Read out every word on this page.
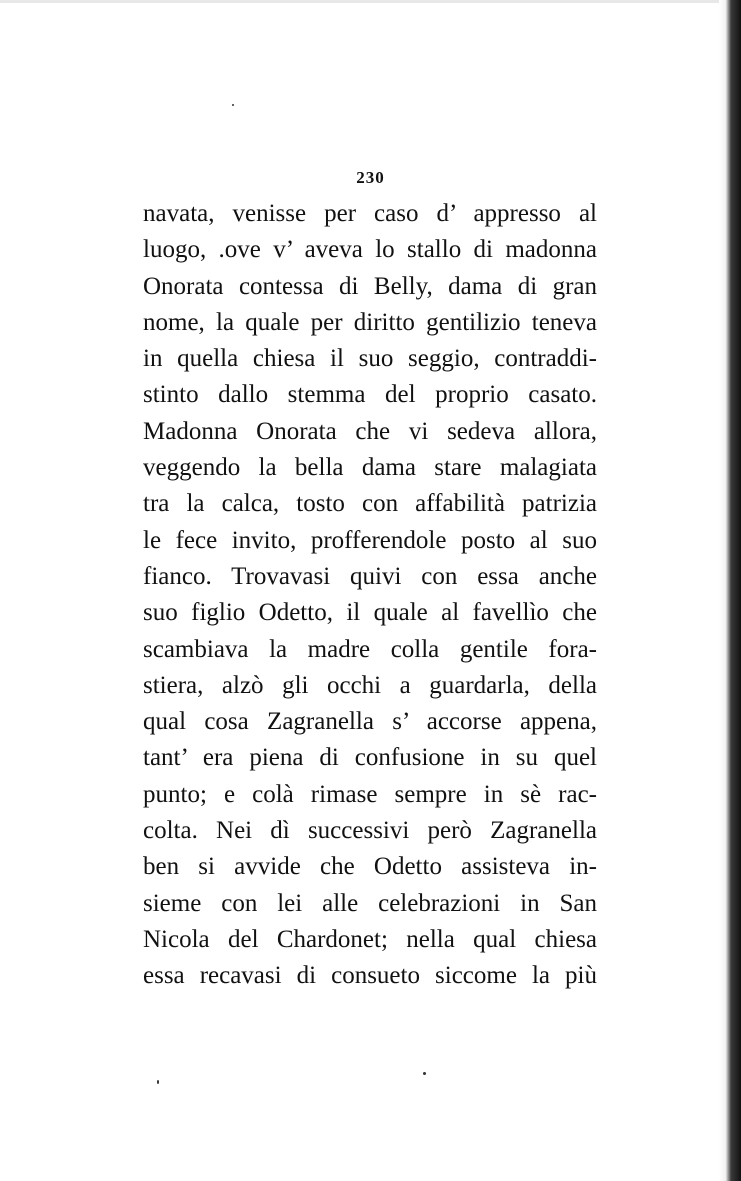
230
navata, venisse per caso d’ appresso al
luogo, .ove v’ aveva lo stallo di madonna
Onorata contessa di Belly, dama di gran
nome, la quale per diritto gentilizio teneva
in quella chiesa il suo seggio, contraddi-
stinto dallo stemma del proprio casato.
Madonna Onorata che vi sedeva allora,
veggendo la bella dama stare malagiata
tra la calca, tosto con affabilità patrizia
le fece invito, profferendole posto al suo
fianco. Trovavasi quivi con essa anche
suo figlio Odetto, il quale al favellìo che
scambiava la madre colla gentile fora-
stiera, alzò gli occhi a guardarla, della
qual cosa Zagranella s’ accorse appena,
tant’ era piena di confusione in su quel
punto; e colà rimase sempre in sè rac-
colta. Nei dì successivi però Zagranella
ben si avvide che Odetto assisteva in-
sieme con lei alle celebrazioni in San
Nicola del Chardonet; nella qual chiesa
essa recavasi di consueto siccome la più
